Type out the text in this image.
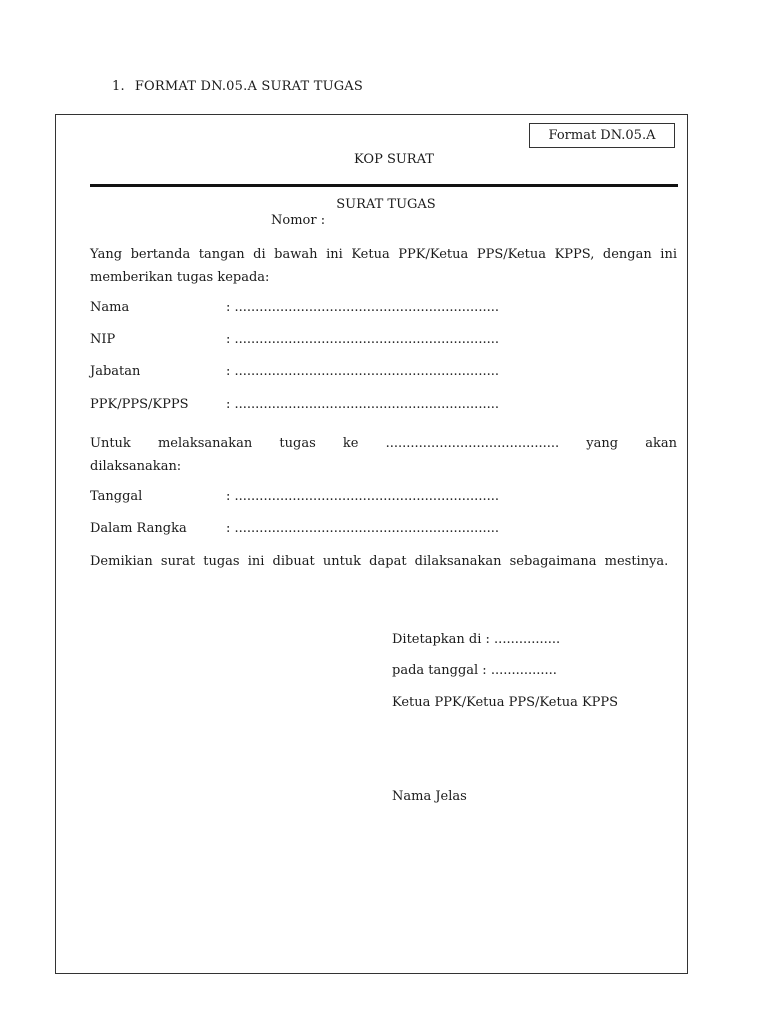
1. FORMAT DN.05.A SURAT TUGAS
Format DN.05.A
KOP SURAT
SURAT TUGAS
Nomor :
Yang bertanda tangan di bawah ini Ketua PPK/Ketua PPS/Ketua KPPS, dengan ini memberikan tugas kepada:
Nama	: ................................................................
NIP	: ................................................................
Jabatan	: ................................................................
PPK/PPS/KPPS	: ................................................................
Untuk melaksanakan tugas ke .......................................... yang akan
dilaksanakan:
Tanggal	: ................................................................
Dalam Rangka	: ................................................................
Demikian surat tugas ini dibuat untuk dapat dilaksanakan sebagaimana mestinya.
Ditetapkan di : ................
pada tanggal : ................
Ketua PPK/Ketua PPS/Ketua KPPS
Nama Jelas
